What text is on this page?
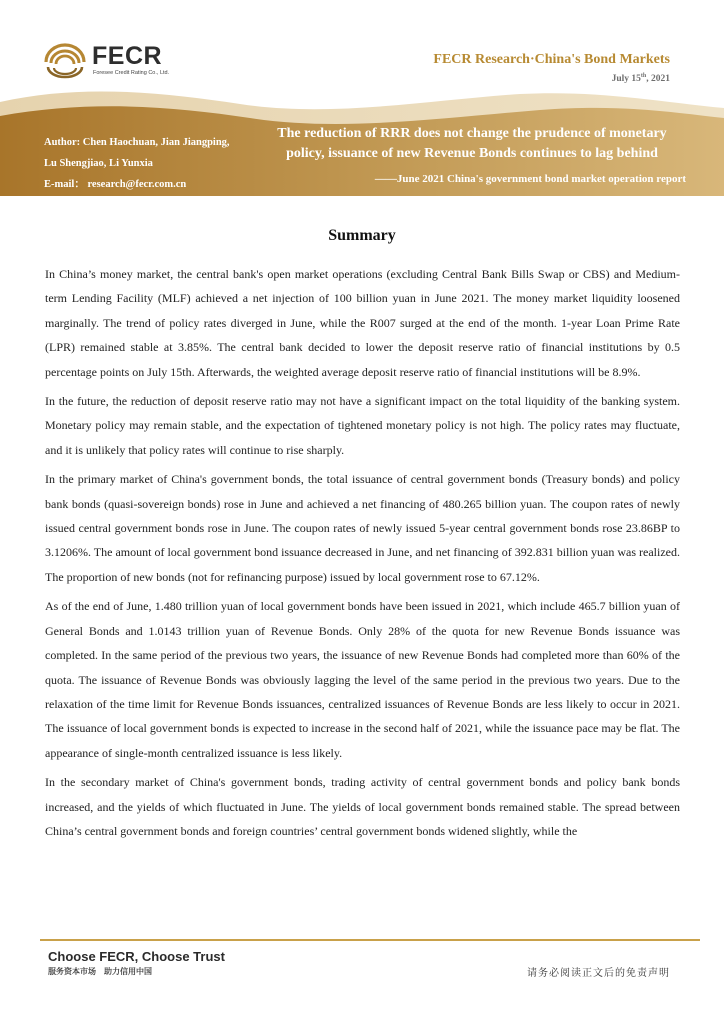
FECR
Foresee Credit Rating Co., Ltd.
FECR Research·China's Bond Markets
July 15th, 2021
Author: Chen Haochuan, Jian Jiangping,
Lu Shengjiao, Li Yunxia
E-mail： research@fecr.com.cn
The reduction of RRR does not change the prudence of monetary
policy, issuance of new Revenue Bonds continues to lag behind
——June 2021 China's government bond market operation report
Summary

In China’s money market, the central bank's open market operations (excluding Central Bank Bills Swap or CBS) and Medium-term Lending Facility (MLF) achieved a net injection of 100 billion yuan in June 2021. The money market liquidity loosened marginally. The trend of policy rates diverged in June, while the R007 surged at the end of the month. 1-year Loan Prime Rate (LPR) remained stable at 3.85%. The central bank decided to lower the deposit reserve ratio of financial institutions by 0.5 percentage points on July 15th. Afterwards, the weighted average deposit reserve ratio of financial institutions will be 8.9%.

In the future, the reduction of deposit reserve ratio may not have a significant impact on the total liquidity of the banking system. Monetary policy may remain stable, and the expectation of tightened monetary policy is not high. The policy rates may fluctuate, and it is unlikely that policy rates will continue to rise sharply.

In the primary market of China's government bonds, the total issuance of central government bonds (Treasury bonds) and policy bank bonds (quasi-sovereign bonds) rose in June and achieved a net financing of 480.265 billion yuan. The coupon rates of newly issued central government bonds rose in June. The coupon rates of newly issued 5-year central government bonds rose 23.86BP to 3.1206%. The amount of local government bond issuance decreased in June, and net financing of 392.831 billion yuan was realized. The proportion of new bonds (not for refinancing purpose) issued by local government rose to 67.12%.

As of the end of June, 1.480 trillion yuan of local government bonds have been issued in 2021, which include 465.7 billion yuan of General Bonds and 1.0143 trillion yuan of Revenue Bonds. Only 28% of the quota for new Revenue Bonds issuance was completed. In the same period of the previous two years, the issuance of new Revenue Bonds had completed more than 60% of the quota. The issuance of Revenue Bonds was obviously lagging the level of the same period in the previous two years. Due to the relaxation of the time limit for Revenue Bonds issuances, centralized issuances of Revenue Bonds are less likely to occur in 2021. The issuance of local government bonds is expected to increase in the second half of 2021, while the issuance pace may be flat. The appearance of single-month centralized issuance is less likely.

In the secondary market of China's government bonds, trading activity of central government bonds and policy bank bonds increased, and the yields of which fluctuated in June. The yields of local government bonds remained stable. The spread between China’s central government bonds and foreign countries’ central government bonds widened slightly, while the

Choose FECR, Choose Trust
服务资本市场　助力信用中国	请务必阅读正文后的免责声明
